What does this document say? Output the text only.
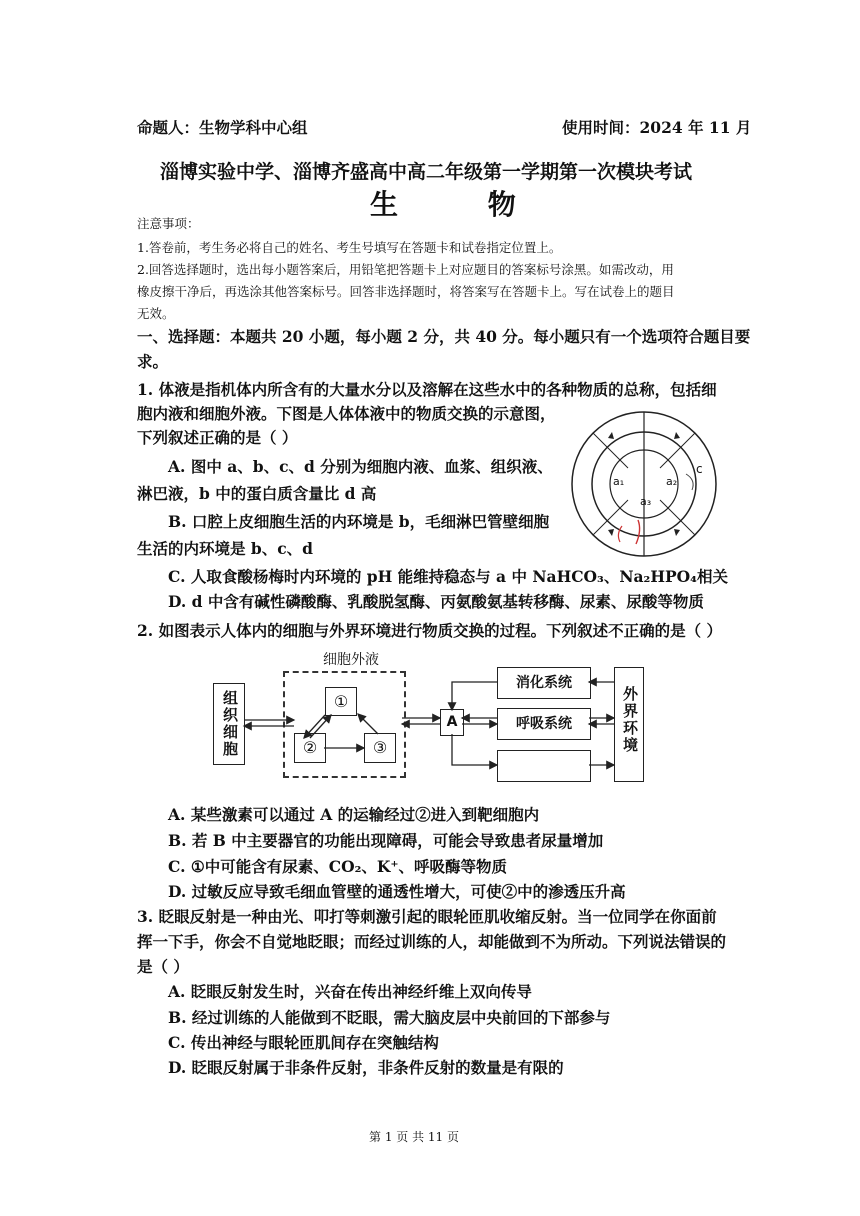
命题人：生物学科中心组	使用时间：2024 年 11 月
淄博实验中学、淄博齐盛高中高二年级第一学期第一次模块考试
生 物
注意事项：
1.答卷前，考生务必将自己的姓名、考生号填写在答题卡和试卷指定位置上。
2.回答选择题时，选出每小题答案后，用铅笔把答题卡上对应题目的答案标号涂黑。如需改动，用
橡皮擦干净后，再选涂其他答案标号。回答非选择题时，将答案写在答题卡上。写在试卷上的题目
无效。
一、选择题：本题共 20 小题，每小题 2 分，共 40 分。每小题只有一个选项符合题目要
求。
1. 体液是指机体内所含有的大量水分以及溶解在这些水中的各种物质的总称，包括细
胞内液和细胞外液。下图是人体体液中的物质交换的示意图，
下列叙述正确的是（ ）
A. 图中 a、b、c、d 分别为细胞内液、血浆、组织液、
淋巴液，b 中的蛋白质含量比 d 高
B. 口腔上皮细胞生活的内环境是 b，毛细淋巴管壁细胞
生活的内环境是 b、c、d
C. 人取食酸杨梅时内环境的 pH 能维持稳态与 a 中 NaHCO₃、Na₂HPO₄相关
D. d 中含有碱性磷酸酶、乳酸脱氢酶、丙氨酸氨基转移酶、尿素、尿酸等物质
a₁	a₂
a₃
c
2. 如图表示人体内的细胞与外界环境进行物质交换的过程。下列叙述不正确的是（ ）
细胞外液
组织细胞	①
②	③
A
消化系统
呼吸系统	外界环境
A. 某些激素可以通过 A 的运输经过②进入到靶细胞内
B. 若 B 中主要器官的功能出现障碍，可能会导致患者尿量增加
C. ①中可能含有尿素、CO₂、K⁺、呼吸酶等物质
D. 过敏反应导致毛细血管壁的通透性增大，可使②中的渗透压升高
3. 眨眼反射是一种由光、叩打等刺激引起的眼轮匝肌收缩反射。当一位同学在你面前
挥一下手，你会不自觉地眨眼；而经过训练的人，却能做到不为所动。下列说法错误的
是（ ）
A. 眨眼反射发生时，兴奋在传出神经纤维上双向传导
B. 经过训练的人能做到不眨眼，需大脑皮层中央前回的下部参与
C. 传出神经与眼轮匝肌间存在突触结构
D. 眨眼反射属于非条件反射，非条件反射的数量是有限的
第 1 页 共 11 页
